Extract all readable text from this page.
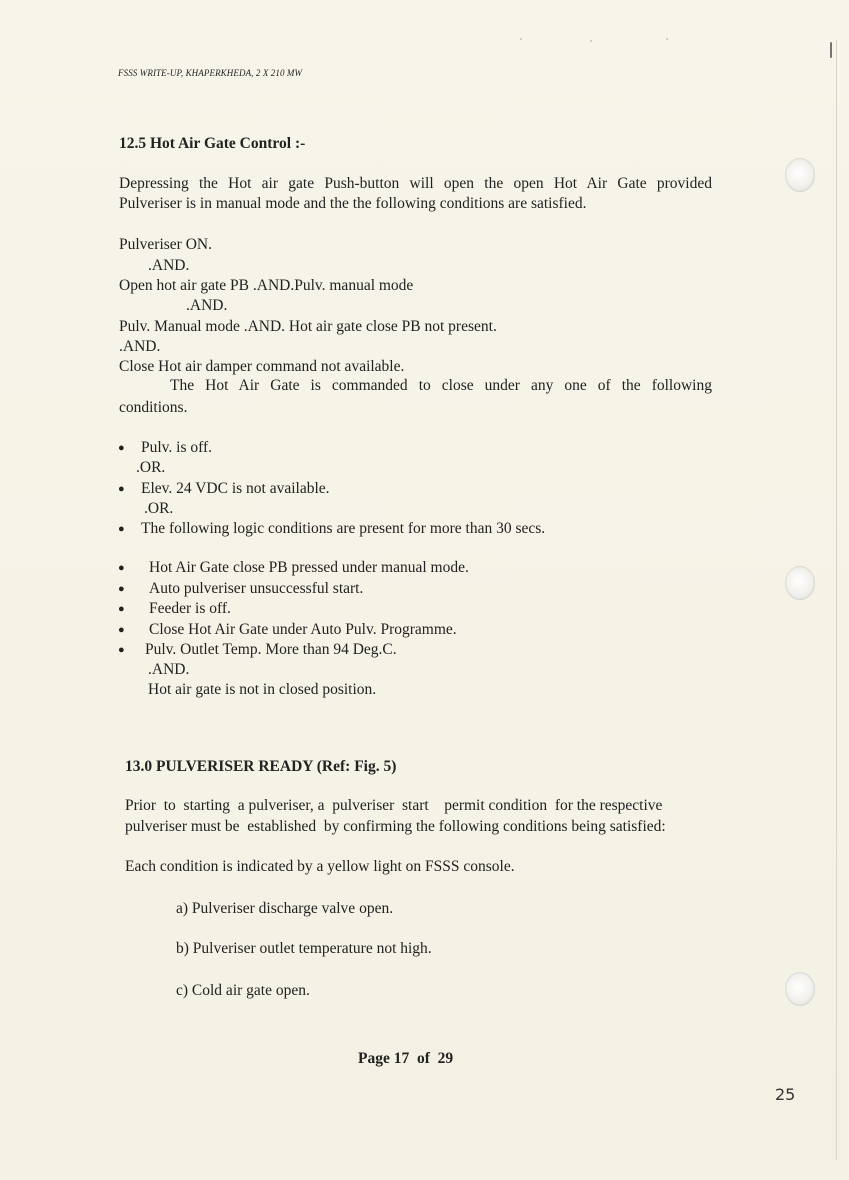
FSSS WRITE-UP, KHAPERKHEDA, 2 X 210 MW
12.5 Hot Air Gate Control :-
Depressing the Hot air gate Push-button will open the open Hot Air Gate provided
Pulveriser is in manual mode and the the following conditions are satisfied.
Pulveriser ON.
.AND.
Open hot air gate PB .AND.Pulv. manual mode
.AND.
Pulv. Manual mode .AND. Hot air gate close PB not present.
.AND.
Close Hot air damper command not available.
The Hot Air Gate is commanded to close under any one of the following
conditions.
● Pulv. is off.
.OR.
● Elev. 24 VDC is not available.
.OR.
● The following logic conditions are present for more than 30 secs.
● Hot Air Gate close PB pressed under manual mode.
● Auto pulveriser unsuccessful start.
● Feeder is off.
● Close Hot Air Gate under Auto Pulv. Programme.
● Pulv. Outlet Temp. More than 94 Deg.C.
.AND.
Hot air gate is not in closed position.
13.0 PULVERISER READY (Ref: Fig. 5)
Prior  to  starting  a pulveriser, a  pulveriser  start    permit condition  for the respective
pulveriser must be  established  by confirming the following conditions being satisfied:
Each condition is indicated by a yellow light on FSSS console.
a) Pulveriser discharge valve open.
b) Pulveriser outlet temperature not high.
c) Cold air gate open.
Page 17  of  29
25
